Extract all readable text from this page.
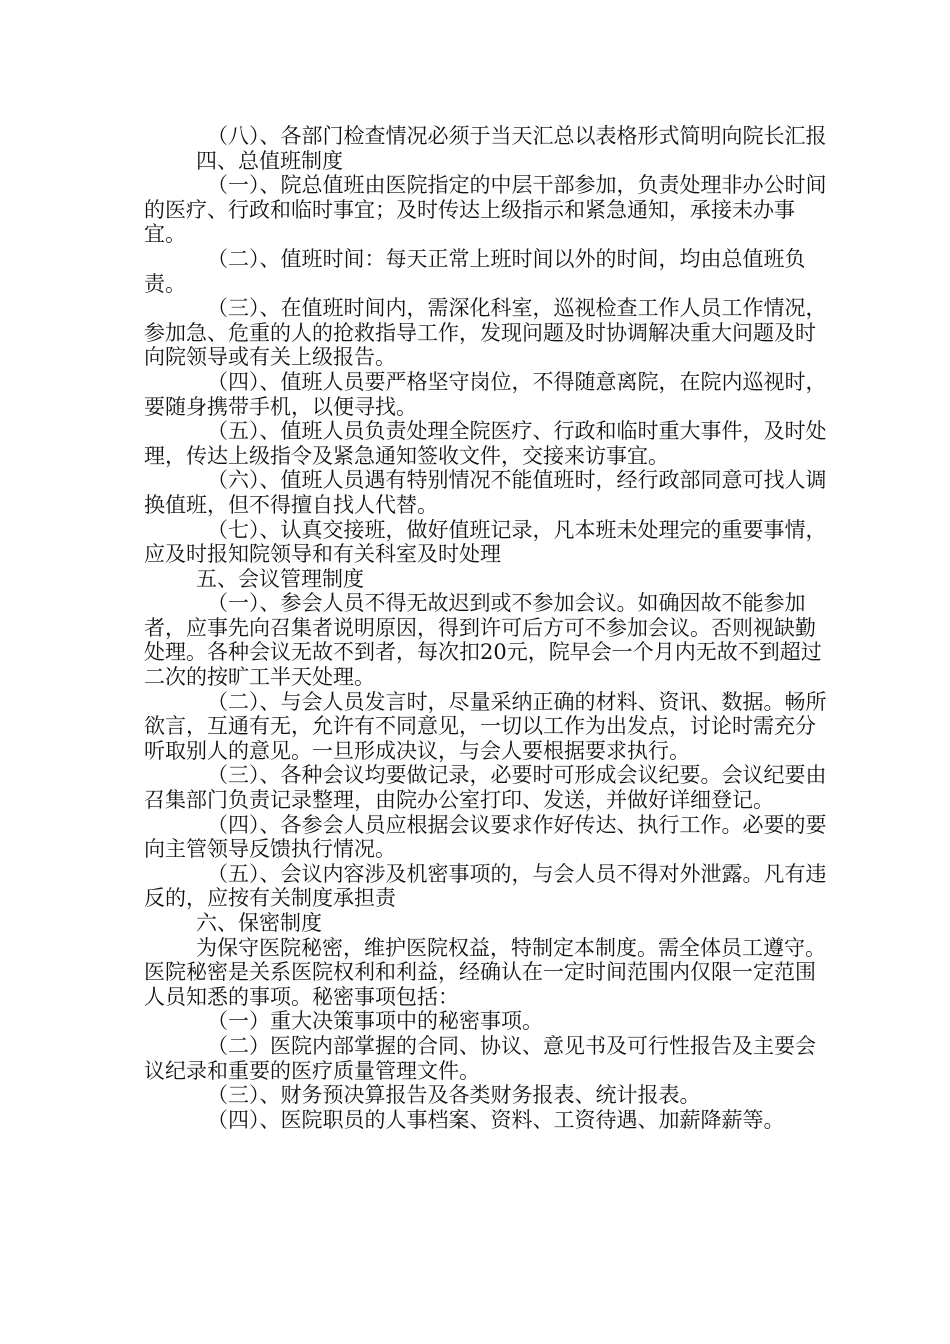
（八）、各部门检查情况必须于当天汇总以表格形式简明向院长汇报

四、总值班制度

（一）、院总值班由医院指定的中层干部参加，负责处理非办公时间的医疗、行政和临时事宜；及时传达上级指示和紧急通知，承接未办事宜。

（二）、值班时间：每天正常上班时间以外的时间，均由总值班负责。

（三）、在值班时间内，需深化科室，巡视检查工作人员工作情况，参加急、危重的人的抢救指导工作，发现问题及时协调解决重大问题及时向院领导或有关上级报告。

（四）、值班人员要严格坚守岗位，不得随意离院，在院内巡视时，要随身携带手机，以便寻找。

（五）、值班人员负责处理全院医疗、行政和临时重大事件，及时处理，传达上级指令及紧急通知签收文件，交接来访事宜。

（六）、值班人员遇有特别情况不能值班时，经行政部同意可找人调换值班，但不得擅自找人代替。

（七）、认真交接班，做好值班记录，凡本班未处理完的重要事情，应及时报知院领导和有关科室及时处理

五、会议管理制度

（一）、参会人员不得无故迟到或不参加会议。如确因故不能参加者，应事先向召集者说明原因，得到许可后方可不参加会议。否则视缺勤处理。各种会议无故不到者，每次扣20元，院早会一个月内无故不到超过二次的按旷工半天处理。

（二）、与会人员发言时，尽量采纳正确的材料、资讯、数据。畅所欲言，互通有无，允许有不同意见，一切以工作为出发点，讨论时需充分听取别人的意见。一旦形成决议，与会人要根据要求执行。

（三）、各种会议均要做记录，必要时可形成会议纪要。会议纪要由召集部门负责记录整理，由院办公室打印、发送，并做好详细登记。

（四）、各参会人员应根据会议要求作好传达、执行工作。必要的要向主管领导反馈执行情况。

（五）、会议内容涉及机密事项的，与会人员不得对外泄露。凡有违反的，应按有关制度承担责

六、保密制度

为保守医院秘密，维护医院权益，特制定本制度。需全体员工遵守。医院秘密是关系医院权利和利益，经确认在一定时间范围内仅限一定范围人员知悉的事项。秘密事项包括：

（一）重大决策事项中的秘密事项。

（二）医院内部掌握的合同、协议、意见书及可行性报告及主要会议纪录和重要的医疗质量管理文件。

（三）、财务预决算报告及各类财务报表、统计报表。

（四）、医院职员的人事档案、资料、工资待遇、加薪降薪等。
